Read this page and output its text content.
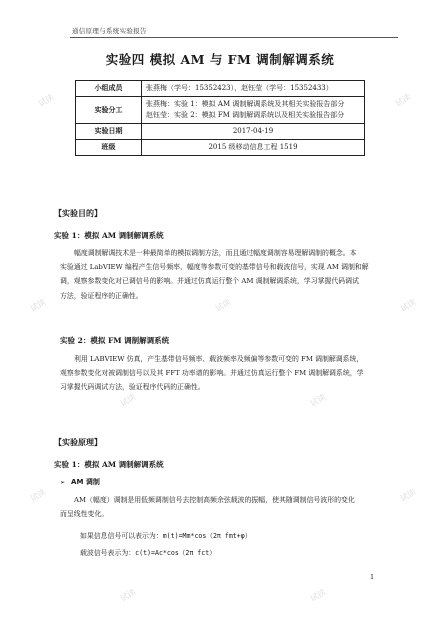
通信原理与系统实验报告
实验四 模拟 AM 与 FM 调制解调系统
小组成员	张燕梅（学号：15352423），赵钰莹（学号：15352433）
实验分工	张燕梅：实验 1：模拟 AM 调制解调系统及其相关实验报告部分
赵钰莹：实验 2：模拟 FM 调制解调系统以及相关实验报告部分

实验日期	2017-04-19
班级	2015 级移动信息工程 1519
【实验目的】
实验 1：模拟 AM 调制解调系统
幅度调制解调技术是一种最简单的模拟调制方法，而且通过幅度调制容易理解调制的概念。本
实验通过 LabVIEW 编程产生信号频率、幅度等参数可变的基带信号和载波信号，实现 AM 调制和解
调，观察参数变化对已调信号的影响。并通过仿真运行整个 AM 调制解调系统，学习掌握代码调试
方法，验证程序的正确性。
实验 2：模拟 FM 调制解调系统
利用 LABVIEW 仿真，产生基带信号频率、载波频率及频偏等参数可变的 FM 调制解调系统，
观察参数变化对被调制信号以及其 FFT 功率谱的影响。并通过仿真运行整个 FM 调制解调系统，学
习掌握代码调试方法，验证程序代码的正确性。
【实验原理】
实验 1：模拟 AM 调制解调系统
➢ AM 调制
AM（幅度）调制是用低频调制信号去控制高频余弦载波的振幅，使其随调制信号波形的变化
而呈线性变化。
如果信息信号可以表示为：m(t)=Mm*cos（2π fmt+φ）
载波信号表示为：c(t)=Ac*cos（2π fct）
1
试读	试读
试读	试读	试读
试读	试读
试读	试读
试读	试读
